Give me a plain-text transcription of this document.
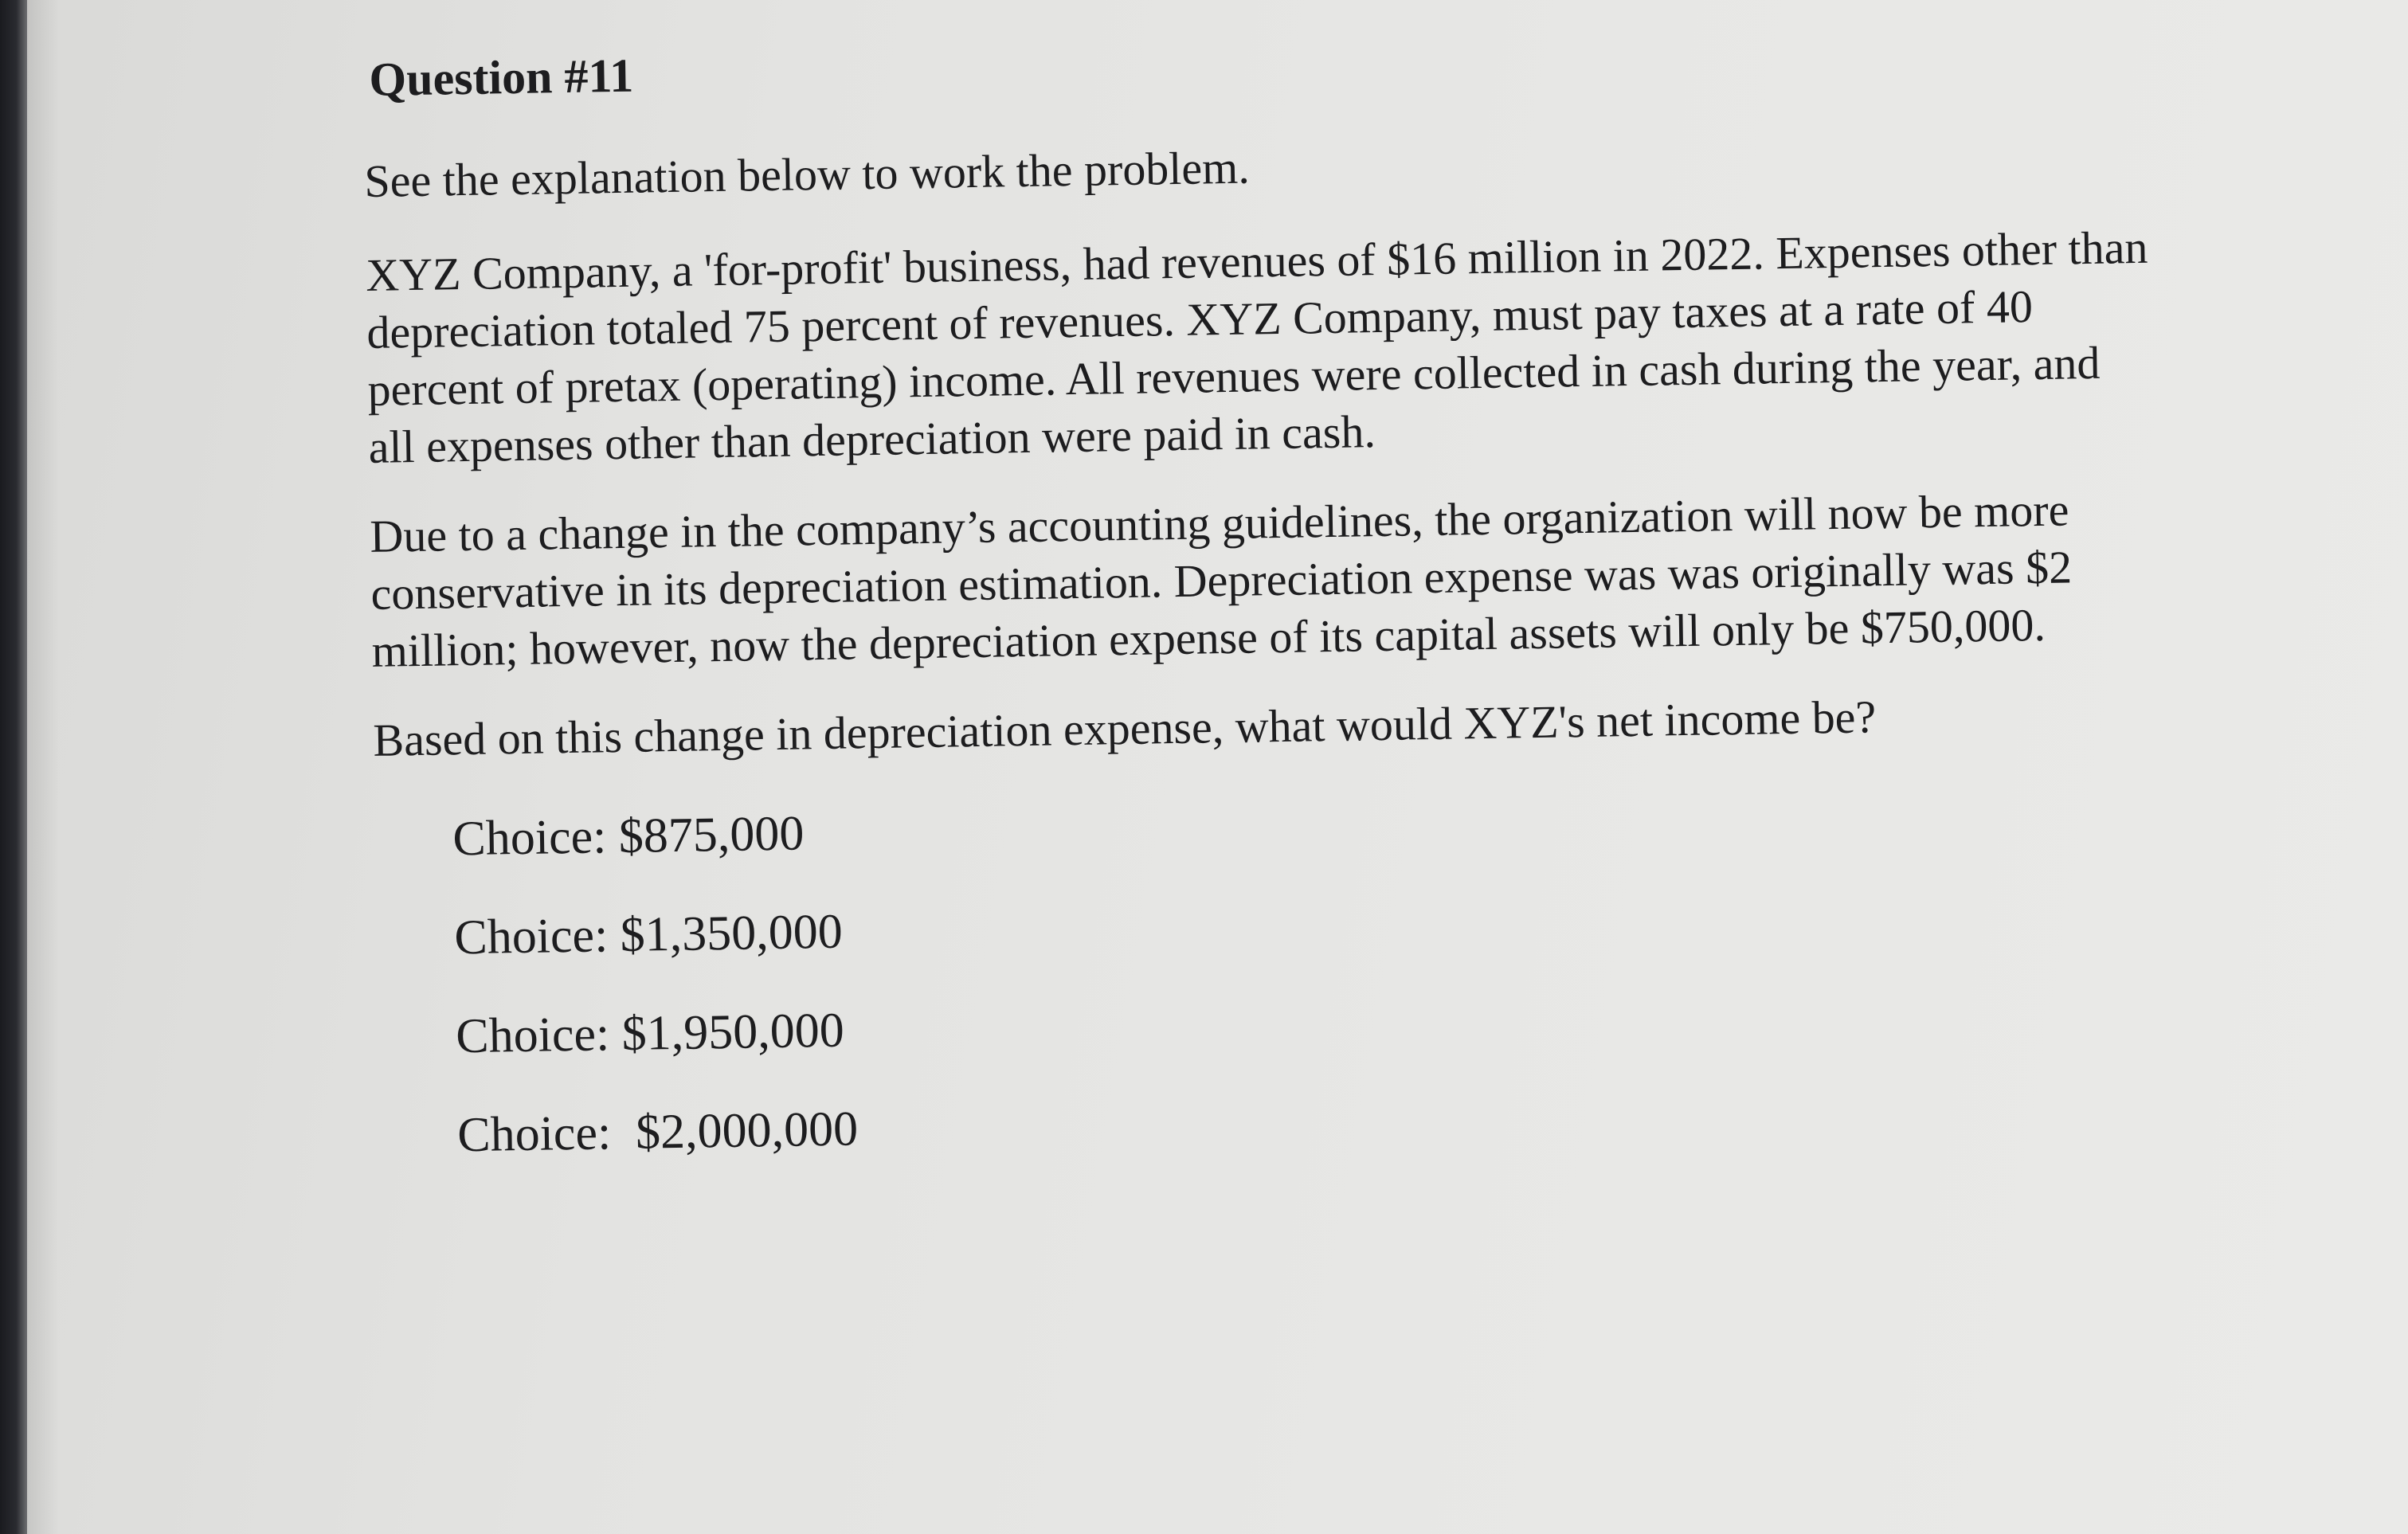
Question #11

See the explanation below to work the problem.

XYZ Company, a 'for-profit' business, had revenues of $16 million in 2022. Expenses other than
depreciation totaled 75 percent of revenues. XYZ Company, must pay taxes at a rate of 40
percent of pretax (operating) income. All revenues were collected in cash during the year, and
all expenses other than depreciation were paid in cash.

Due to a change in the company’s accounting guidelines, the organization will now be more
conservative in its depreciation estimation. Depreciation expense was was originally was $2
million; however, now the depreciation expense of its capital assets will only be $750,000.

Based on this change in depreciation expense, what would XYZ's net income be?

Choice: $875,000
Choice: $1,350,000
Choice: $1,950,000
Choice:  $2,000,000
